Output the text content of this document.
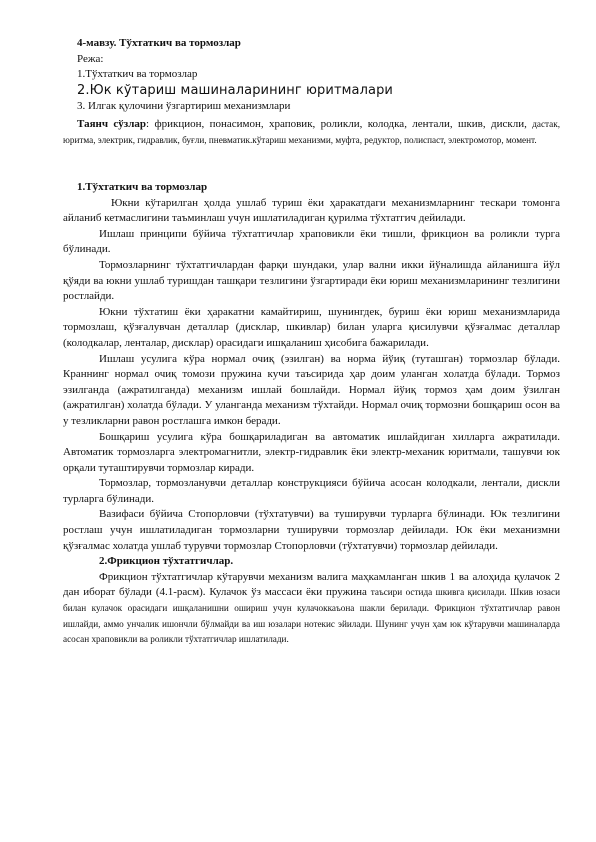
4-мавзу. Тўхтаткич ва тормозлар

Режа:

1.Тўхтаткич ва тормозлар

2.Юк кўтариш машиналарининг юритмалари

3. Илгак қулочини ўзгартириш механизмлари

Таянч сўзлар: фрикцион, понасимон, храповик, роликли, колодка, лентали, шкив, дискли, дастак, юритма, электрик, гидравлик, буғли, пневматик.кўтариш механизми, муфта, редуктор, полиспаст, электромотор, момент.

1.Тўхтаткич ва тормозлар

Юкни кўтарилган ҳолда ушлаб туриш ёки ҳаракатдаги механизмларнинг тескари томонга айланиб кетмаслигини таъминлаш учун ишлатиладиган қурилма тўхтатгич дейилади.

Ишлаш принципи бўйича тўхтатгичлар храповикли ёки тишли, фрикцион ва роликли турга бўлинади.

Тормозларнинг тўхтатгичлардан фарқи шундаки, улар вални икки йўналишда айланишга йўл қўяди ва юкни ушлаб туришдан ташқари тезлигини ўзгартиради ёки юриш механизмларининг тезлигини ростлайди.

Юкни тўхтатиш ёки ҳаракатни камайтириш, шунингдек, буриш ёки юриш механизмларида тормозлаш, қўзғалувчан деталлар (дисклар, шкивлар) билан уларга қисилувчи қўзғалмас деталлар (колодкалар, ленталар, дисклар) орасидаги ишқаланиш ҳисобига бажарилади.

Ишлаш усулига кўра нормал очиқ (эзилган) ва норма йўиқ (туташган) тормозлар бўлади. Краннинг нормал очиқ томози пружина кучи таъсирида ҳар доим уланган холатда бўлади. Тормоз эзилганда (ажратилганда) механизм ишлай бошлайди. Нормал йўиқ тормоз ҳам доим ўзилган (ажратилган) холатда бўлади. У уланганда механизм тўхтайди. Нормал очиқ тормозни бошқариш осон ва у тезликларни равон ростлашга имкон беради.

Бошқариш усулига кўра бошқариладиган ва автоматик ишлайдиган хилларга ажратилади. Автоматик тормозларга электромагнитли, электр-гидравлик ёки электр-механик юритмали, ташувчи юк орқали туташтирувчи тормозлар киради.

Тормозлар, тормозланувчи деталлар конструкцияси бўйича асосан колодкали, лентали, дискли турларга бўлинади.

Вазифаси бўйича Стопорловчи (тўхтатувчи) ва туширувчи турларга бўлинади. Юк тезлигини ростлаш учун ишлатиладиган тормозларни туширувчи тормозлар дейилади. Юк ёки механизмни қўзғалмас холатда ушлаб турувчи тормозлар Стопорловчи (тўхтатувчи) тормозлар дейилади.

2.Фрикцион тўхтатгичлар.

Фрикцион тўхтатгичлар кўтарувчи механизм валига маҳкамланган шкив 1 ва алоҳида қулачок 2 дан иборат бўлади (4.1-расм). Кулачок ўз массаси ёки пружина таъсири остида шкивга қисилади. Шкив юзаси билан кулачок орасидаги ишқаланишни ошириш учун кулачоккаъона шакли берилади. Фрикцион тўхтатгичлар равон ишлайди, аммо унчалик ишончли бўлмайди ва иш юзалари нотекис эйилади. Шунинг учун ҳам юк кўтарувчи машиналарда асосан храповикли ва роликли тўхтатгичлар ишлатилади.
